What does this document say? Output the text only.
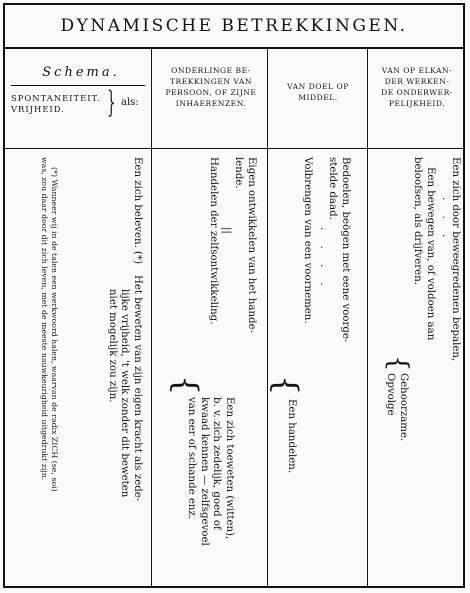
DYNAMISCHE BETREKKINGEN.
Schema.
SPONTANEITEIT.
VRIJHEID.	} als:
ONDERLINGE BE-
TREKKINGEN VAN
PERSOON, OF ZIJNE
INHAERENZEN.
VAN DOEL OP
MIDDEL.
VAN OP ELKAN-
DER WERKEN-
DE ONDERWER-
PELIJKHEID.
Een zich door beweegredenen bepalen,
· · ·
Een bewegen van, of voldoen aan
beloofsen, als drijfveren.
Gehoorzame.
Opvolge
{
Bedoelen, beögen met eene voorge-
stelde daad.
· · · ·
Volbrengen van een voornemen.
{
Een handelen.
Eigen ontwikkelen van het hande-
lende.
||
Handelen der zelfsontwikkeling.
{
Een zich toeweten (witten),
b. v. zich zedelijk, goed of
kwaad kennen — zelfsgevoel
van eer of schande enz.
Een zich beleven. (*)
Het beweten van zijn eigen kracht als zede-
lijke vrijheid, 't welk zonder dit beweten
niet mogelijk zou zijn.
(*) Wanneer wij in de talen een werkwoord halen, waarvan de radix ZICH (se, soi)
was, zou daar door dit zich leven, met de meeste nauwkeurigheid uitgedrukt zijn.
